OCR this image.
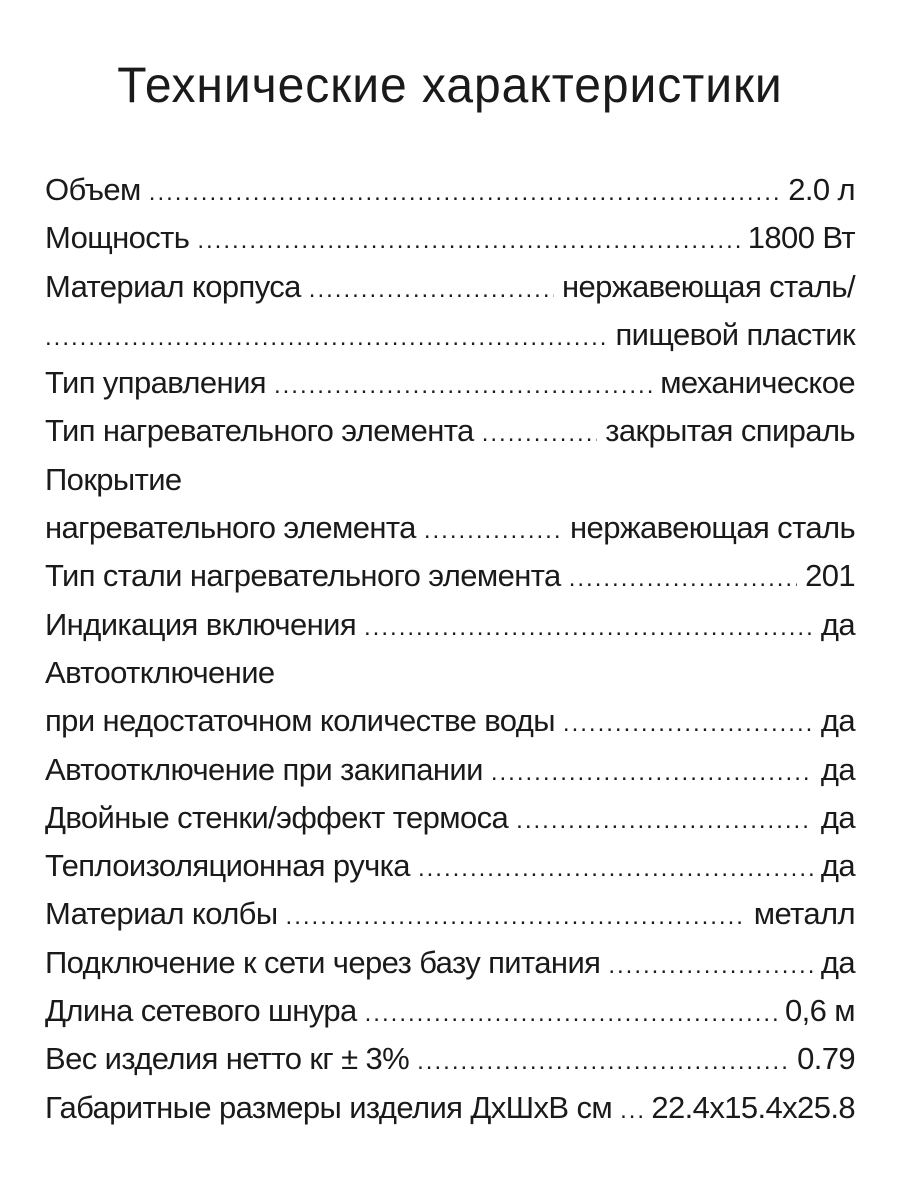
Технические характеристики
Объем .....	2.0 л
Мощность .....	1800 Вт
Материал корпуса .....	нержавеющая сталь/
.....
пищевой пластик
Тип управления .....	механическое
Тип нагревательного элемента .....	закрытая спираль
Покрытие
нагревательного элемента .....	нержавеющая сталь
Тип стали нагревательного элемента .....	201
Индикация включения .....	да
Автоотключение
при недостаточном количестве воды .....	да
Автоотключение при закипании .....	да
Двойные стенки/эффект термоса .....	да
Теплоизоляционная ручка .....	да
Материал колбы .....	металл
Подключение к сети через базу питания .....	да
Длина сетевого шнура .....	0,6 м
Вес изделия нетто кг ± 3% .....	0.79
Габаритные размеры изделия ДхШхВ см ..... 22.4х15.4х25.8
